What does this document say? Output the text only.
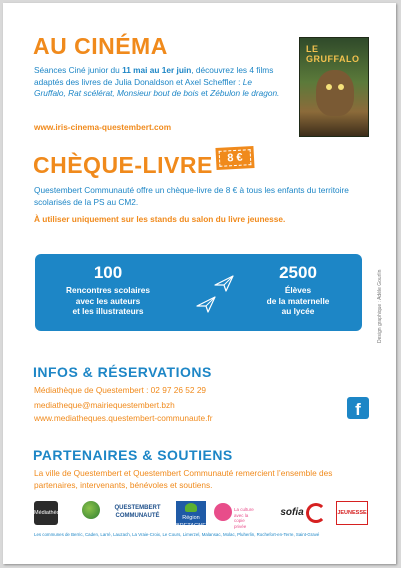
AU CINÉMA
Séances Ciné junior du 11 mai au 1er juin, découvrez les 4 films adaptés des livres de Julia Donaldson et Axel Scheffler : Le Gruffalo, Rat scélérat, Monsieur bout de bois et Zébulon le dragon.
www.iris-cinema-questembert.com
LE GRUFFALO
CHÈQUE-LIVRE	8 €
Questembert Communauté offre un chèque-livre de 8 € à tous les enfants du territoire scolarisés de la PS au CM2.
À utiliser uniquement sur les stands du salon du livre jeunesse.
100
Rencontres scolaires
avec les auteurs
et les illustrateurs
2500
Élèves
de la maternelle
au lycée	Design graphique : Adèle Gourlin
INFOS & RÉSERVATIONS
Médiathèque de Questembert : 02 97 26 52 29
mediatheque@mairiequestembert.bzh
www.mediatheques.questembert-communaute.fr	f
PARTENAIRES & SOUTIENS
La ville de Questembert et Questembert Communauté remercient l’ensemble des partenaires, intervenants, bénévoles et soutiens.
Médiathèque
QUESTEMBERT
COMMUNAUTÉ	Région BRETAGNE
La culture avec la copie privée
sofia	JEUNESSE
Les communes de Berric, Caden, Larré, Lauzach, La Vraie-Croix, Le Cours, Limerzel, Malansac, Molac, Pluherlin, Rochefort-en-Terre, Saint-Gravé
